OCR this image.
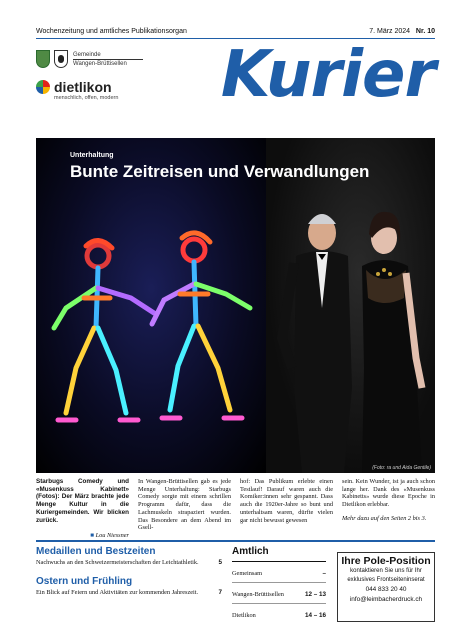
Wochenzeitung und amtliches Publikationsorgan	7. März 2024 Nr. 10
Gemeinde
Wangen-Brüttisellen
dietlikon
menschlich, offen, modern	Kurier
Unterhaltung
Bunte Zeitreisen und Verwandlungen
(Foto: ra und Aida Gentile)
Starbugs Comedy und «Musenkuss Kabinett» (Fotos): Der März brachte jede Menge Kultur in die Kuriergemeinden. Wir blicken zurück.
■ Lou Niessner
In Wangen-Brüttisellen gab es jede Menge Unterhaltung: Starbugs Comedy sorgte mit einem schrillen Programm dafür, dass die Lachmuskeln strapaziert wurden. Das Besondere an dem Abend im Gsell-
hof: Das Publikum erlebte einen Testlauf! Darauf waren auch die Komiker:innen sehr gespannt. Dass auch die 1920er-Jahre so bunt und unterhaltsam waren, dürfte vielen gar nicht bewusst gewesen
sein. Kein Wunder, ist ja auch schon lange her. Dank des «Musenkuss Kabinetts» wurde diese Epoche in Dietlikon erlebbar.
Mehr dazu auf den Seiten 2 bis 3.
Medaillen und Bestzeiten
Nachwuchs an den Schweizermeisterschaften der Leichtathletik.	5
Ostern und Frühling
Ein Blick auf Feiern und Aktivitäten zur kommenden Jahreszeit.	7
Amtlich
Gemeinsam	–
Wangen-Brüttisellen	12 – 13
Dietlikon	14 – 16
Ihre Pole-Position
kontaktieren Sie uns für Ihr
exklusives Frontseiteninserat
044 833 20 40
info@leimbacherdruck.ch
